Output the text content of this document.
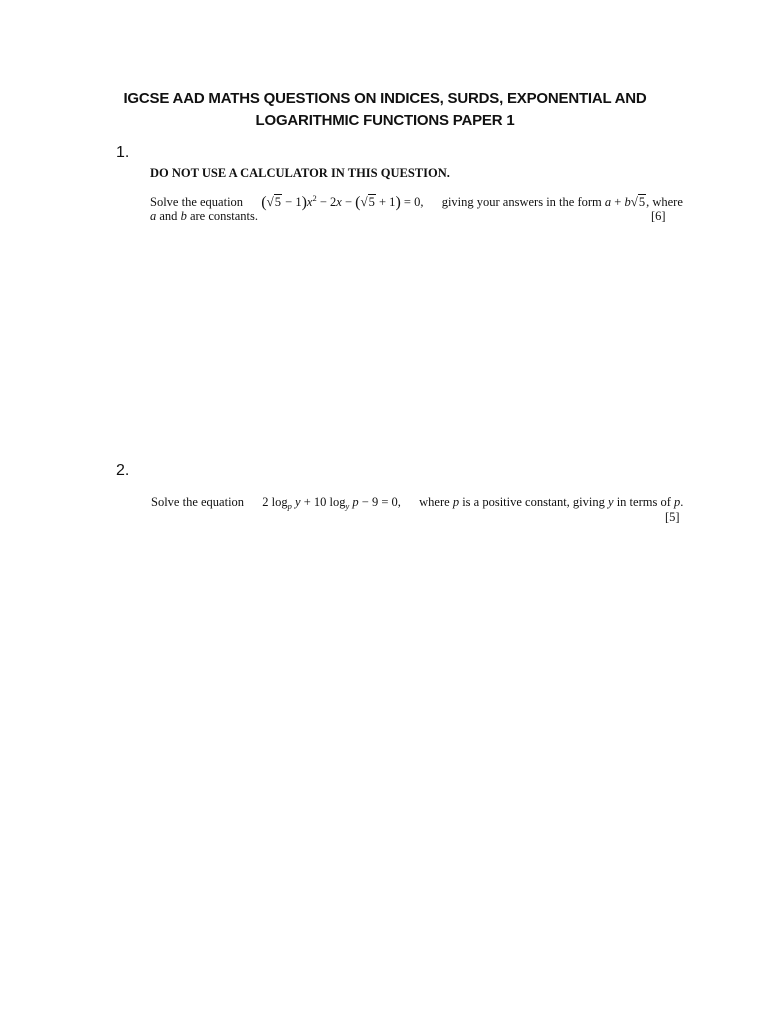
IGCSE AAD MATHS QUESTIONS ON INDICES, SURDS, EXPONENTIAL AND
LOGARITHMIC FUNCTIONS PAPER 1
1.
DO NOT USE A CALCULATOR IN THIS QUESTION.
Solve the equation $(√5 - 1)x^2 - 2x - (√5 + 1) = 0$,  giving your answers in the form a + b√5, where
a and b are constants.	[6]
2.
Solve the equation 2 $\log_p y + 10$ $\log_y p - 9 = 0$,  where p is a positive constant, giving y in terms of p.
[5]
